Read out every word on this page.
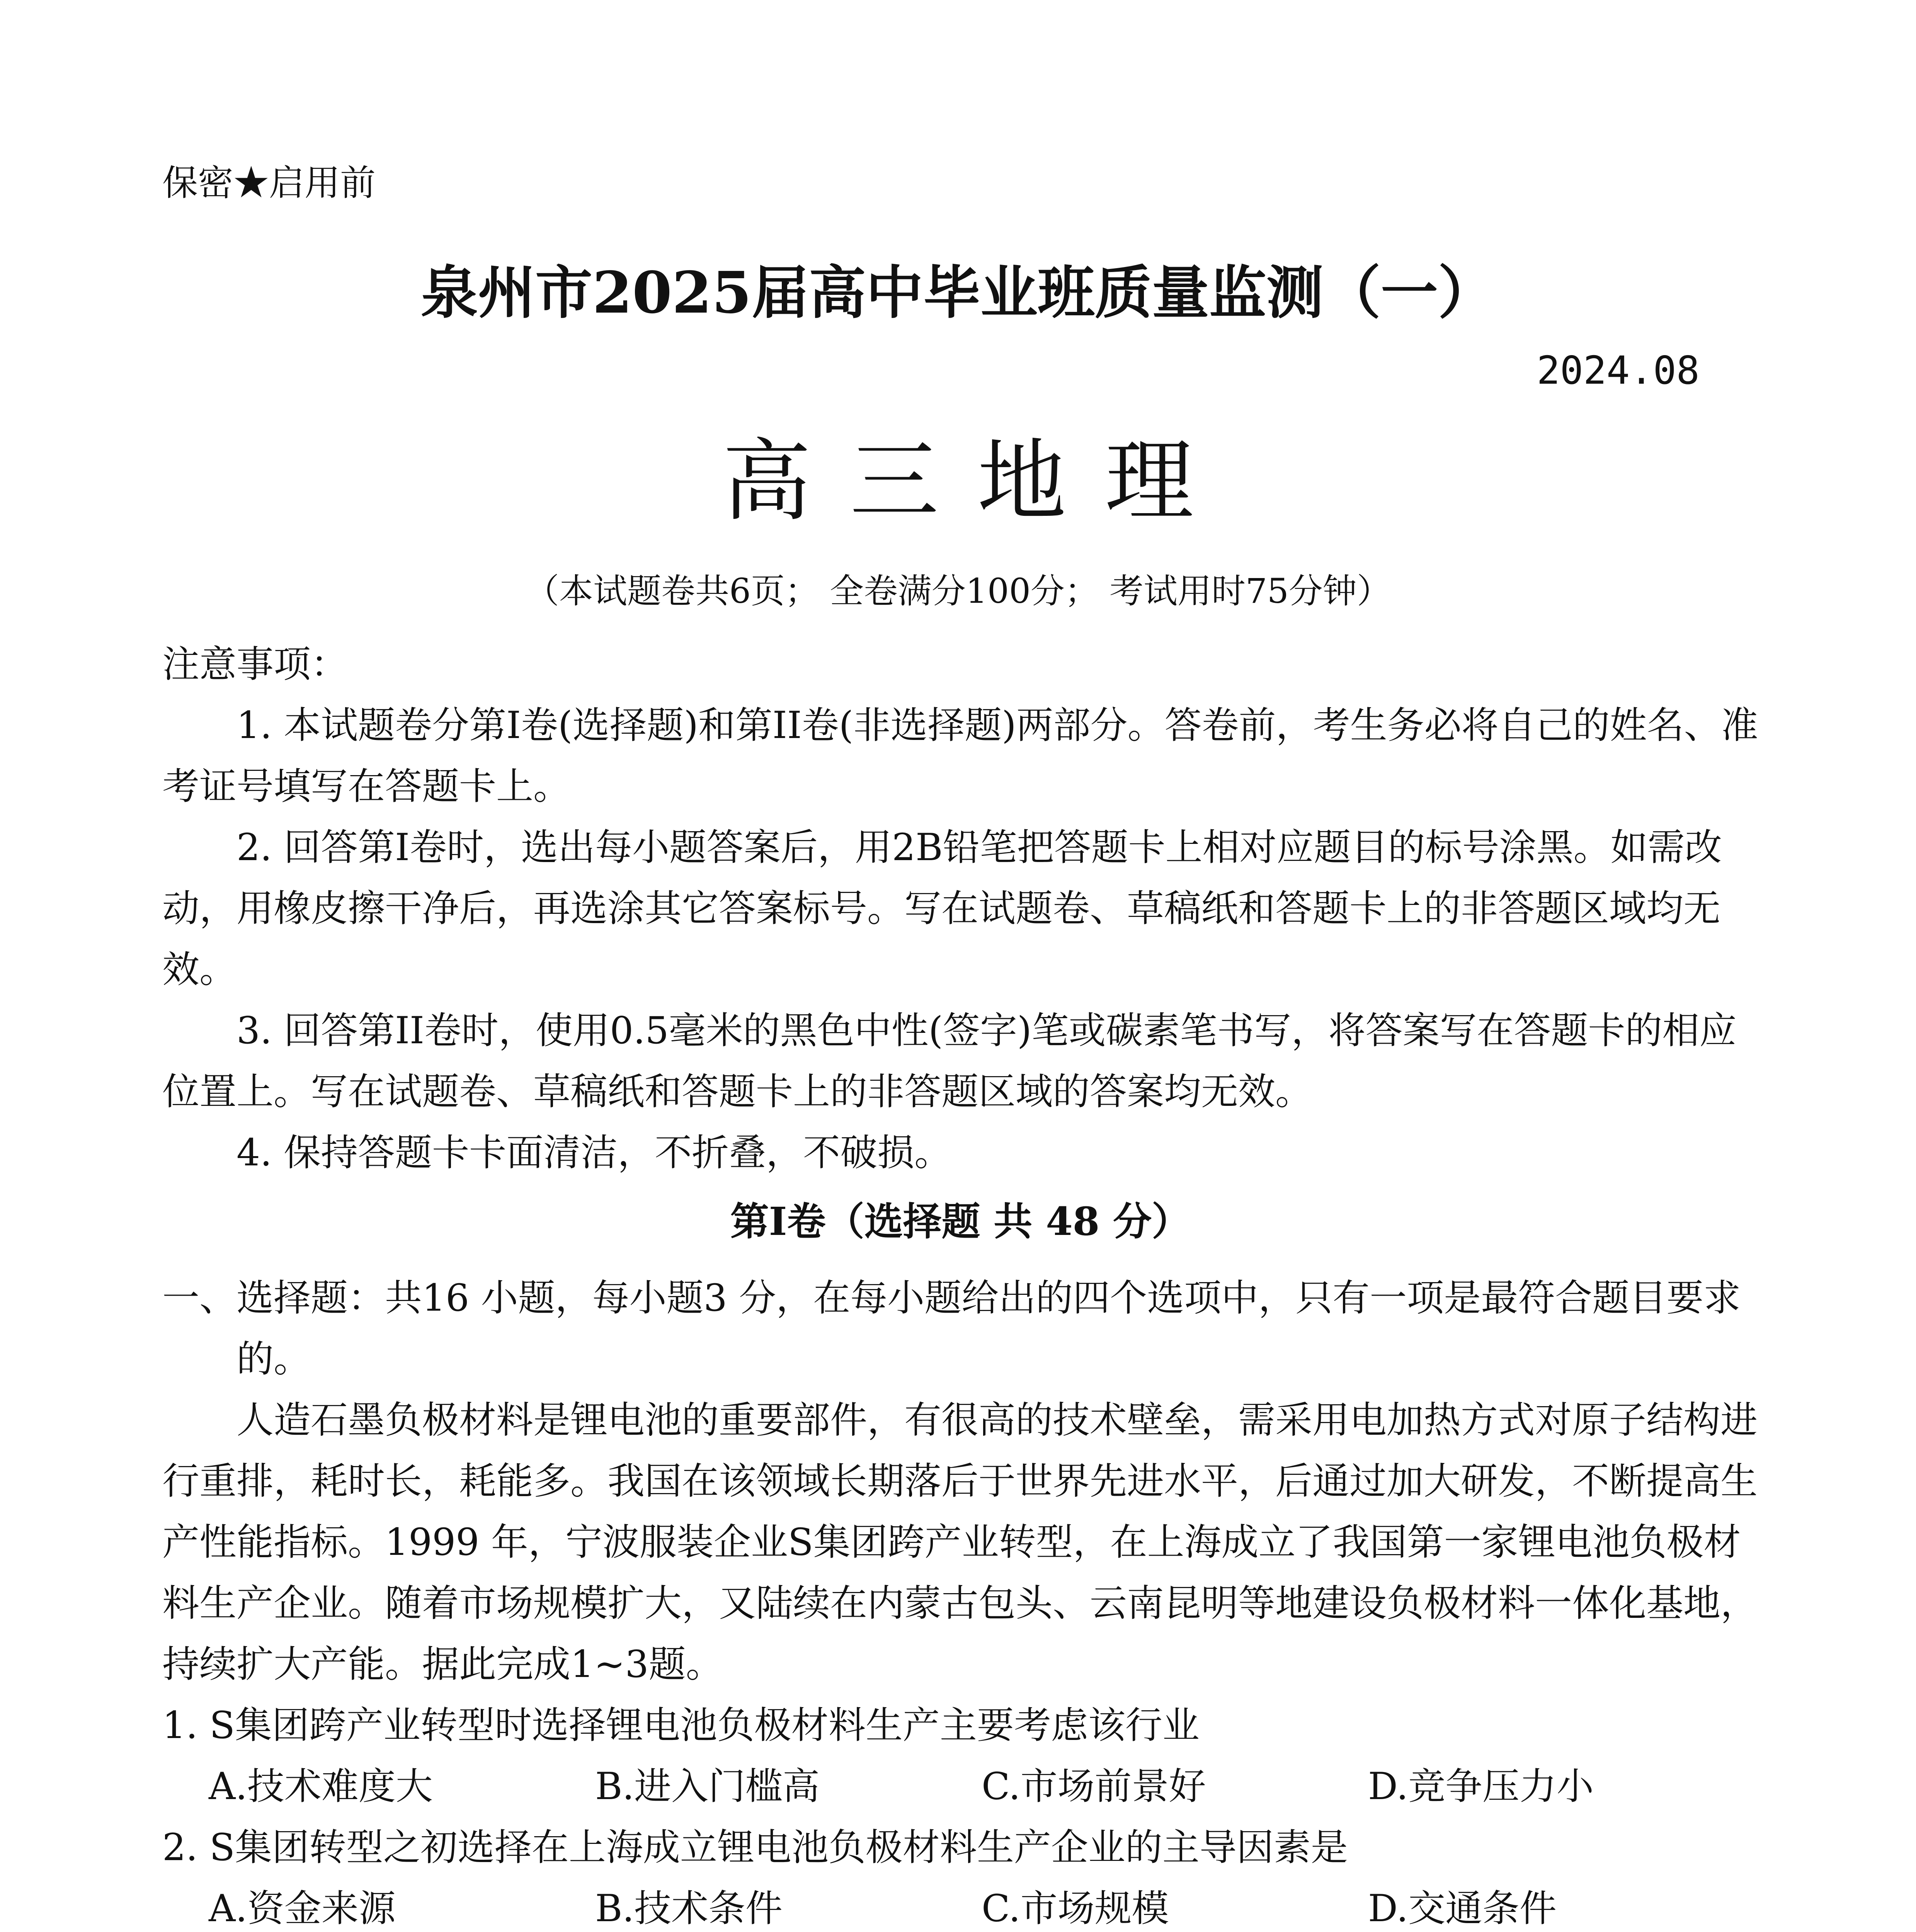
保密★启用前
泉州市2025届高中毕业班质量监测（一）
2024.08
高三地理
（本试题卷共6页； 全卷满分100分； 考试用时75分钟）

注意事项：

1. 本试题卷分第Ⅰ卷(选择题)和第II卷(非选择题)两部分。答卷前，考生务必将自己的姓名、准考证号填写在答题卡上。

2. 回答第Ⅰ卷时，选出每小题答案后，用2B铅笔把答题卡上相对应题目的标号涂黑。如需改动，用橡皮擦干净后，再选涂其它答案标号。写在试题卷、草稿纸和答题卡上的非答题区域均无效。

3. 回答第II卷时，使用0.5毫米的黑色中性(签字)笔或碳素笔书写，将答案写在答题卡的相应位置上。写在试题卷、草稿纸和答题卡上的非答题区域的答案均无效。

4. 保持答题卡卡面清洁，不折叠，不破损。

第Ⅰ卷（选择题 共 48 分）

一、选择题：共16 小题，每小题3 分，在每小题给出的四个选项中，只有一项是最符合题目要求的。

人造石墨负极材料是锂电池的重要部件，有很高的技术壁垒，需采用电加热方式对原子结构进行重排，耗时长，耗能多。我国在该领域长期落后于世界先进水平，后通过加大研发，不断提高生产性能指标。1999 年，宁波服装企业S集团跨产业转型，在上海成立了我国第一家锂电池负极材料生产企业。随着市场规模扩大，又陆续在内蒙古包头、云南昆明等地建设负极材料一体化基地，持续扩大产能。据此完成1~3题。

1. S集团跨产业转型时选择锂电池负极材料生产主要考虑该行业

A.技术难度大	B.进入门槛高	C.市场前景好	D.竞争压力小

2. S集团转型之初选择在上海成立锂电池负极材料生产企业的主导因素是

A.资金来源	B.技术条件	C.市场规模	D.交通条件
